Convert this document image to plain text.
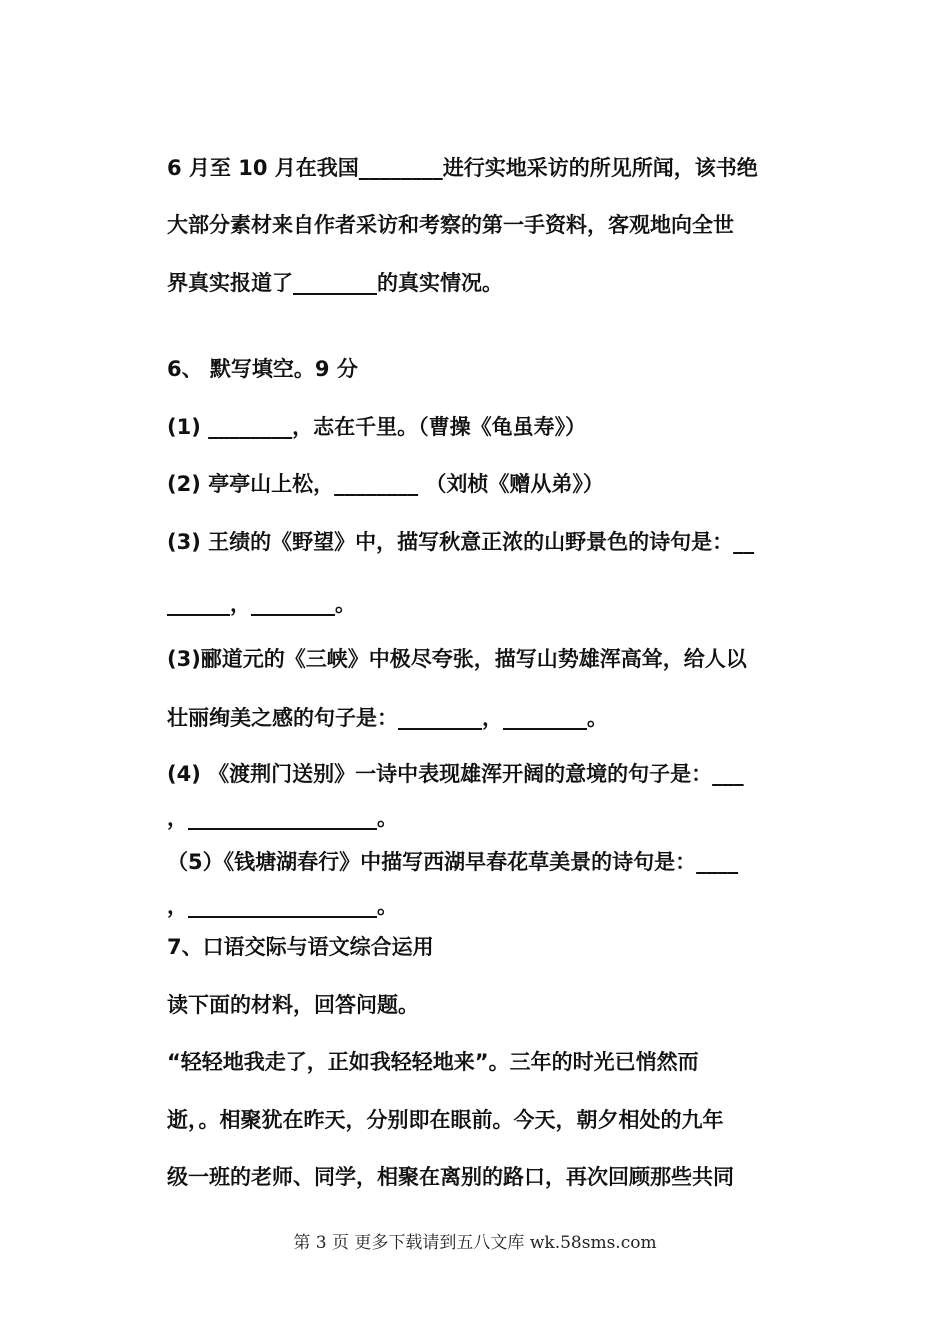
6 月至 10 月在我国________进行实地采访的所见所闻，该书绝
大部分素材来自作者采访和考察的第一手资料，客观地向全世
界真实报道了________的真实情况。
6、 默写填空。9 分
(1) ________，志在千里。（曹操《龟虽寿》）
(2) 亭亭山上松，________ （刘桢《赠从弟》）
(3) 王绩的《野望》中，描写秋意正浓的山野景色的诗句是：__
______，________。
(3)郦道元的《三峡》中极尽夸张，描写山势雄浑高耸，给人以
壮丽绚美之感的句子是：________，________。
(4) 《渡荆门送别》一诗中表现雄浑开阔的意境的句子是：___
，__________________。
（5）《钱塘湖春行》中描写西湖早春花草美景的诗句是：____
，__________________。
7、口语交际与语文综合运用
读下面的材料，回答问题。
“轻轻地我走了，正如我轻轻地来”。三年的时光已悄然而
逝，。相聚犹在昨天，分别即在眼前。今天，朝夕相处的九年
级一班的老师、同学，相聚在离别的路口，再次回顾那些共同
第 3 页 更多下载请到五八文库 wk.58sms.com
